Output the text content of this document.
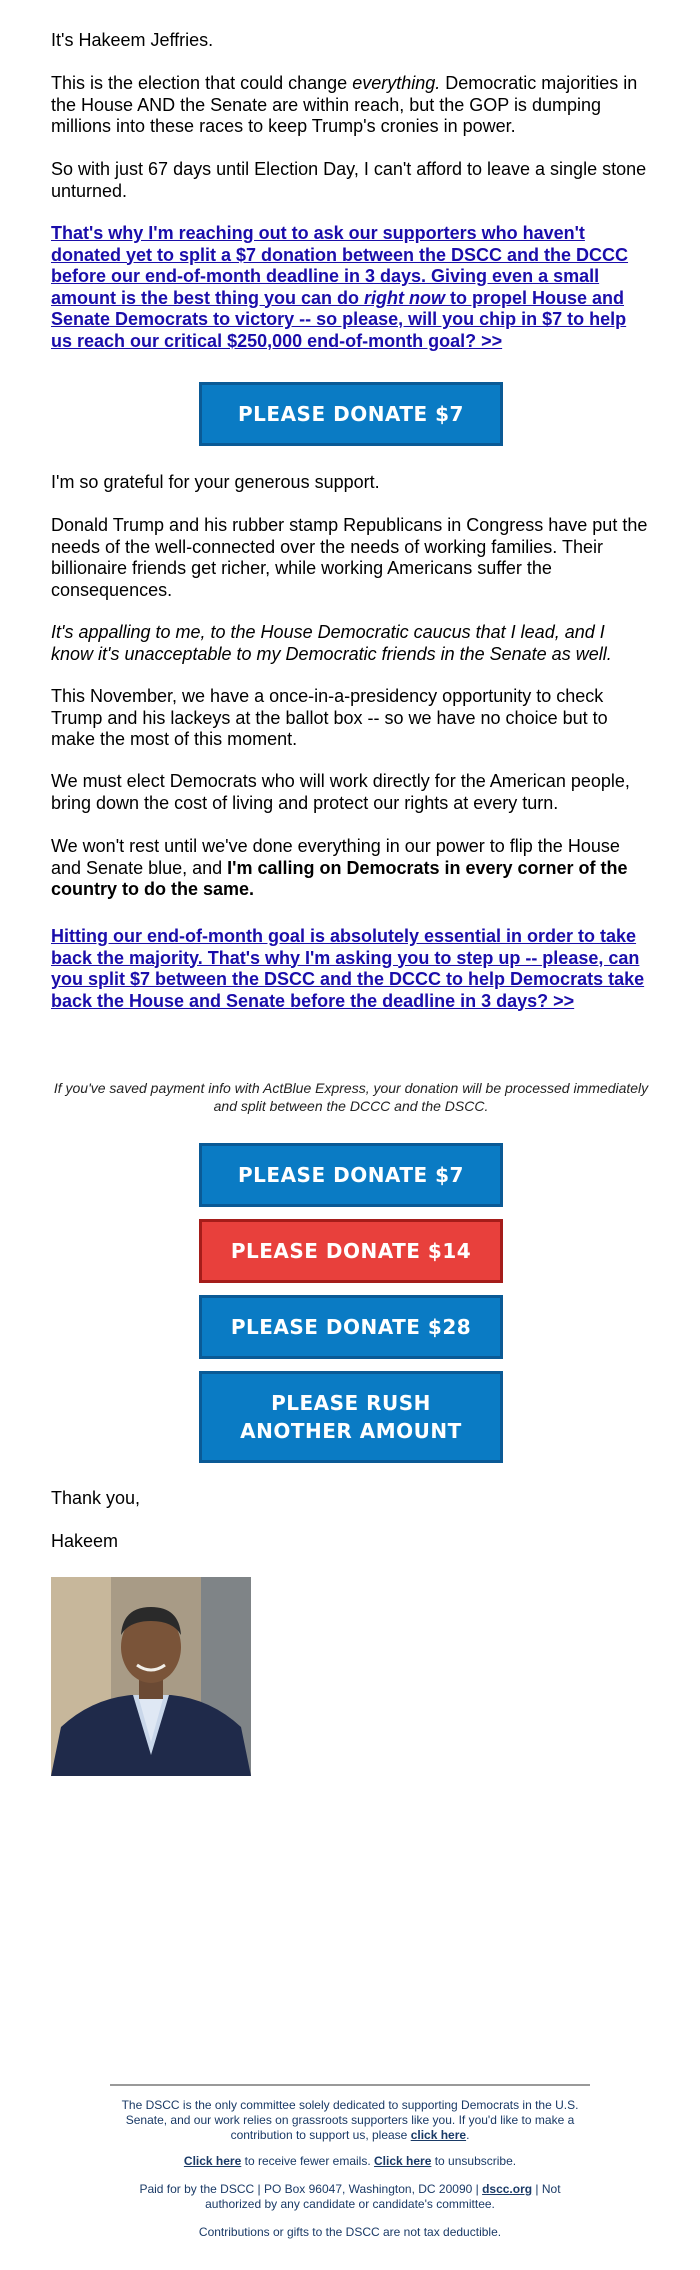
It's Hakeem Jeffries.

This is the election that could change everything. Democratic majorities in the House AND the Senate are within reach, but the GOP is dumping millions into these races to keep Trump's cronies in power.

So with just 67 days until Election Day, I can't afford to leave a single stone unturned.

That's why I'm reaching out to ask our supporters who haven't donated yet to split a $7 donation between the DSCC and the DCCC before our end-of-month deadline in 3 days. Giving even a small amount is the best thing you can do right now to propel House and Senate Democrats to victory -- so please, will you chip in $7 to help us reach our critical $250,000 end-of-month goal? >>

PLEASE DONATE $7

I'm so grateful for your generous support.

Donald Trump and his rubber stamp Republicans in Congress have put the needs of the well-connected over the needs of working families. Their billionaire friends get richer, while working Americans suffer the consequences.

It's appalling to me, to the House Democratic caucus that I lead, and I know it's unacceptable to my Democratic friends in the Senate as well.

This November, we have a once-in-a-presidency opportunity to check Trump and his lackeys at the ballot box -- so we have no choice but to make the most of this moment.

We must elect Democrats who will work directly for the American people, bring down the cost of living and protect our rights at every turn.

We won't rest until we've done everything in our power to flip the House and Senate blue, and I'm calling on Democrats in every corner of the country to do the same.

Hitting our end-of-month goal is absolutely essential in order to take back the majority. That's why I'm asking you to step up -- please, can you split $7 between the DSCC and the DCCC to help Democrats take back the House and Senate before the deadline in 3 days? >>

If you've saved payment info with ActBlue Express, your donation will be processed immediately and split between the DCCC and the DSCC.

PLEASE DONATE $7
PLEASE DONATE $14
PLEASE DONATE $28
PLEASE RUSH
ANOTHER AMOUNT

Thank you,

Hakeem

The DSCC is the only committee solely dedicated to supporting Democrats in the U.S. Senate, and our work relies on grassroots supporters like you. If you'd like to make a contribution to support us, please click here.

Click here to receive fewer emails. Click here to unsubscribe.

Paid for by the DSCC | PO Box 96047, Washington, DC 20090 | dscc.org | Not authorized by any candidate or candidate's committee.

Contributions or gifts to the DSCC are not tax deductible.
